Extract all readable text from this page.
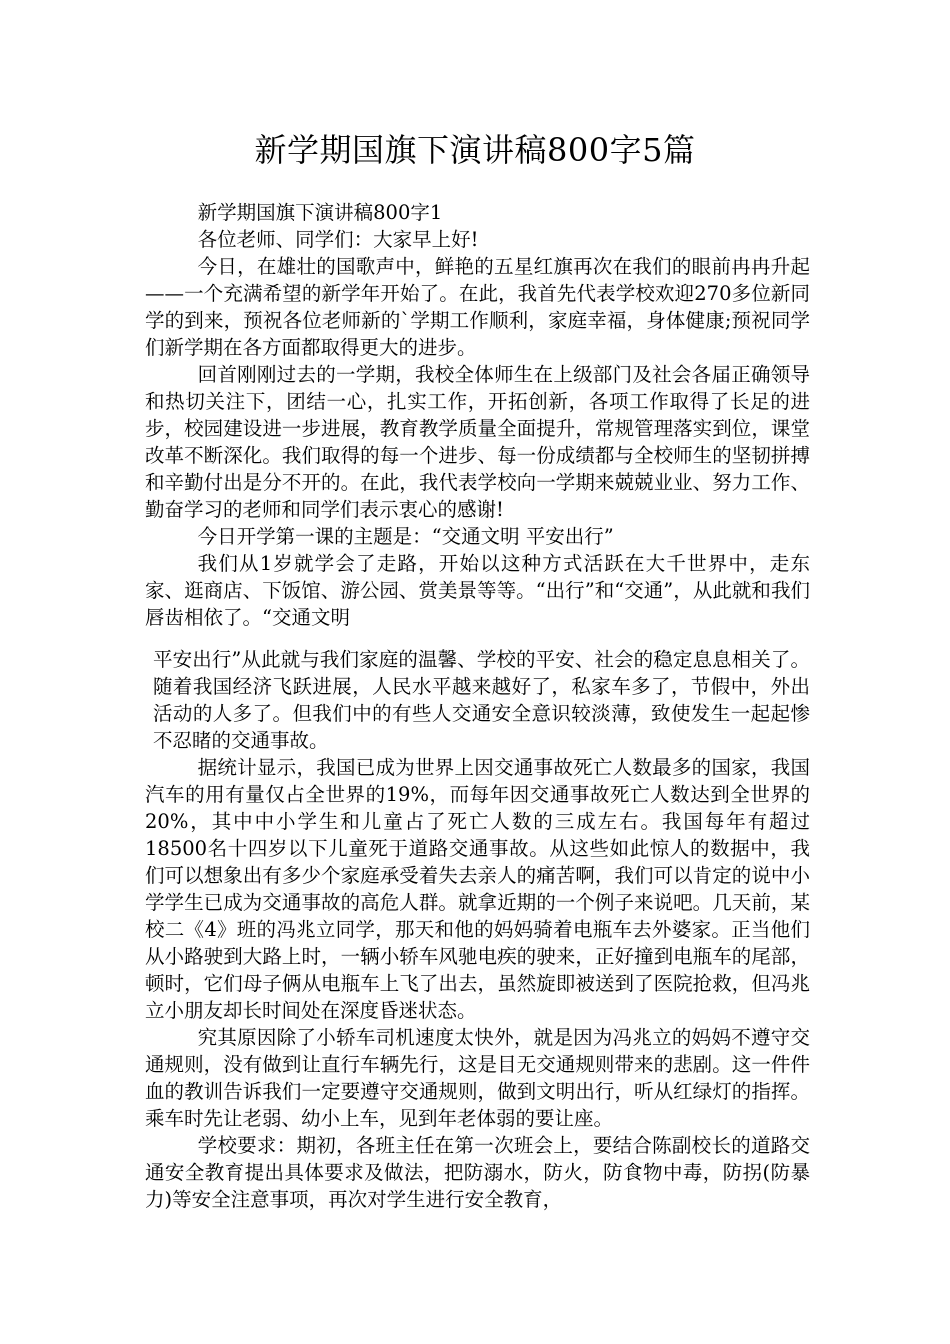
新学期国旗下演讲稿800字5篇

新学期国旗下演讲稿800字1

各位老师、同学们：大家早上好!

今日，在雄壮的国歌声中，鲜艳的五星红旗再次在我们的眼前冉冉升起——一个充满希望的新学年开始了。在此，我首先代表学校欢迎270多位新同学的到来，预祝各位老师新的`学期工作顺利，家庭幸福，身体健康;预祝同学们新学期在各方面都取得更大的进步。

回首刚刚过去的一学期，我校全体师生在上级部门及社会各届正确领导和热切关注下，团结一心，扎实工作，开拓创新，各项工作取得了长足的进步，校园建设进一步进展，教育教学质量全面提升，常规管理落实到位，课堂改革不断深化。我们取得的每一个进步、每一份成绩都与全校师生的坚韧拼搏和辛勤付出是分不开的。在此，我代表学校向一学期来兢兢业业、努力工作、勤奋学习的老师和同学们表示衷心的感谢!

今日开学第一课的主题是：“交通文明 平安出行”

我们从1岁就学会了走路，开始以这种方式活跃在大千世界中，走东家、逛商店、下饭馆、游公园、赏美景等等。“出行”和“交通”，从此就和我们唇齿相依了。“交通文明

平安出行”从此就与我们家庭的温馨、学校的平安、社会的稳定息息相关了。随着我国经济飞跃进展，人民水平越来越好了，私家车多了，节假中，外出活动的人多了。但我们中的有些人交通安全意识较淡薄，致使发生一起起惨不忍睹的交通事故。

据统计显示，我国已成为世界上因交通事故死亡人数最多的国家，我国汽车的用有量仅占全世界的19%，而每年因交通事故死亡人数达到全世界的20%，其中中小学生和儿童占了死亡人数的三成左右。我国每年有超过18500名十四岁以下儿童死于道路交通事故。从这些如此惊人的数据中，我们可以想象出有多少个家庭承受着失去亲人的痛苦啊，我们可以肯定的说中小学学生已成为交通事故的高危人群。就拿近期的一个例子来说吧。几天前，某校二《4》班的冯兆立同学，那天和他的妈妈骑着电瓶车去外婆家。正当他们从小路驶到大路上时，一辆小轿车风驰电疾的驶来，正好撞到电瓶车的尾部，顿时，它们母子俩从电瓶车上飞了出去，虽然旋即被送到了医院抢救，但冯兆立小朋友却长时间处在深度昏迷状态。

究其原因除了小轿车司机速度太快外，就是因为冯兆立的妈妈不遵守交通规则，没有做到让直行车辆先行，这是目无交通规则带来的悲剧。这一件件血的教训告诉我们一定要遵守交通规则，做到文明出行，听从红绿灯的指挥。乘车时先让老弱、幼小上车，见到年老体弱的要让座。

学校要求：期初，各班主任在第一次班会上，要结合陈副校长的道路交通安全教育提出具体要求及做法，把防溺水，防火，防食物中毒，防拐(防暴力)等安全注意事项，再次对学生进行安全教育，
